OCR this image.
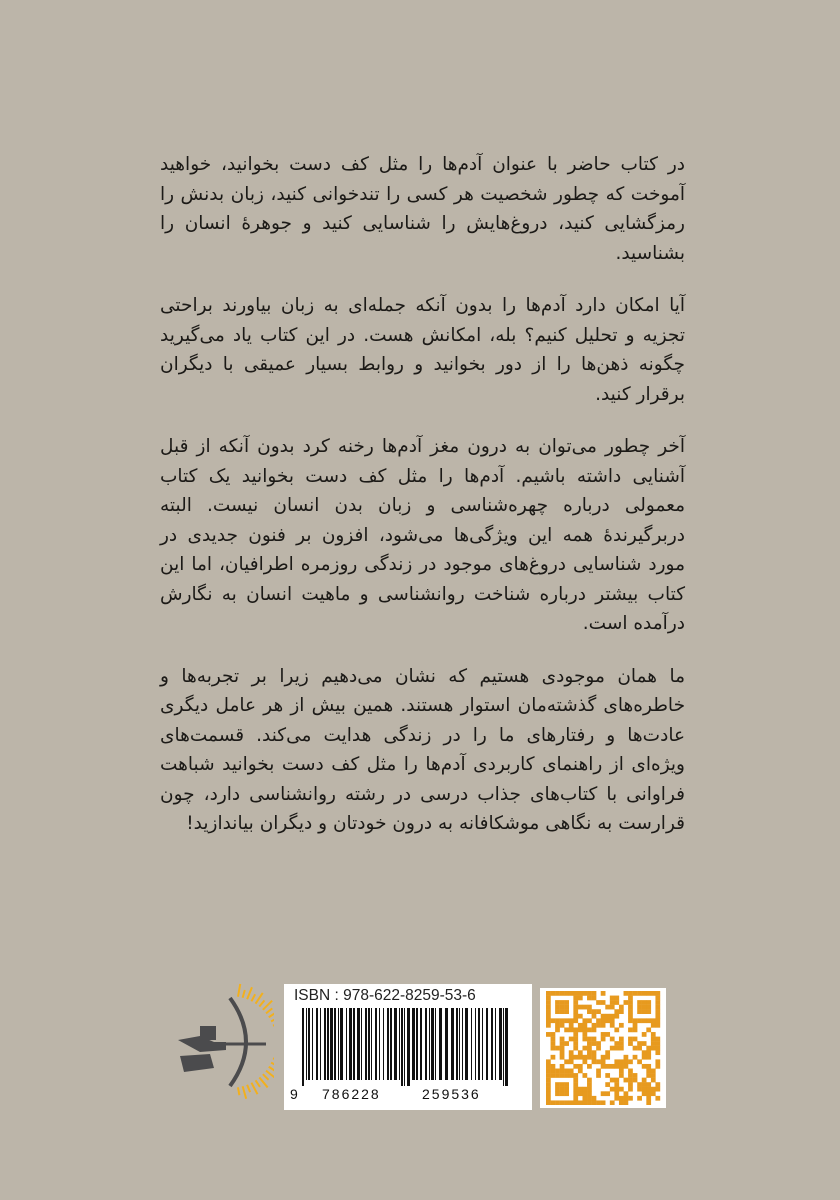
در کتاب حاضر با عنوان آدم‌ها را مثل کف دست بخوانید، خواهید آموخت که چطور شخصیت هر کسی را تندخوانی کنید، زبان بدنش را رمزگشایی کنید، دروغ‌هایش را شناسایی کنید و جوهرهٔ انسان را بشناسید.

آیا امکان دارد آدم‌ها را بدون آنکه جمله‌ای به زبان بیاورند براحتی تجزیه و تحلیل کنیم؟ بله، امکانش هست. در این کتاب یاد می‌گیرید چگونه ذهن‌ها را از دور بخوانید و روابط بسیار عمیقی با دیگران برقرار کنید.

آخر چطور می‌توان به درون مغز آدم‌ها رخنه کرد بدون آنکه از قبل آشنایی داشته باشیم. آدم‌ها را مثل کف دست بخوانید یک کتاب معمولی درباره چهره‌شناسی و زبان بدن انسان نیست. البته دربرگیرندهٔ همه این ویژگی‌ها می‌شود، افزون بر فنون جدیدی در مورد شناسایی دروغ‌های موجود در زندگی روزمره اطرافیان، اما این کتاب بیشتر درباره شناخت روانشناسی و ماهیت انسان به نگارش درآمده است.

ما همان موجودی هستیم که نشان می‌دهیم زیرا بر تجربه‌ها و خاطره‌های گذشته‌مان استوار هستند. همین بیش از هر عامل دیگری عادت‌ها و رفتارهای ما را در زندگی هدایت می‌کند. قسمت‌های ویژه‌ای از راهنمای کاربردی آدم‌ها را مثل کف دست بخوانید شباهت فراوانی با کتاب‌های جذاب درسی در رشته روانشناسی دارد، چون قرارست به نگاهی موشکافانه به درون خودتان و دیگران بیاندازید!

ISBN : 978-622-8259-53-6
9 786228	259536
